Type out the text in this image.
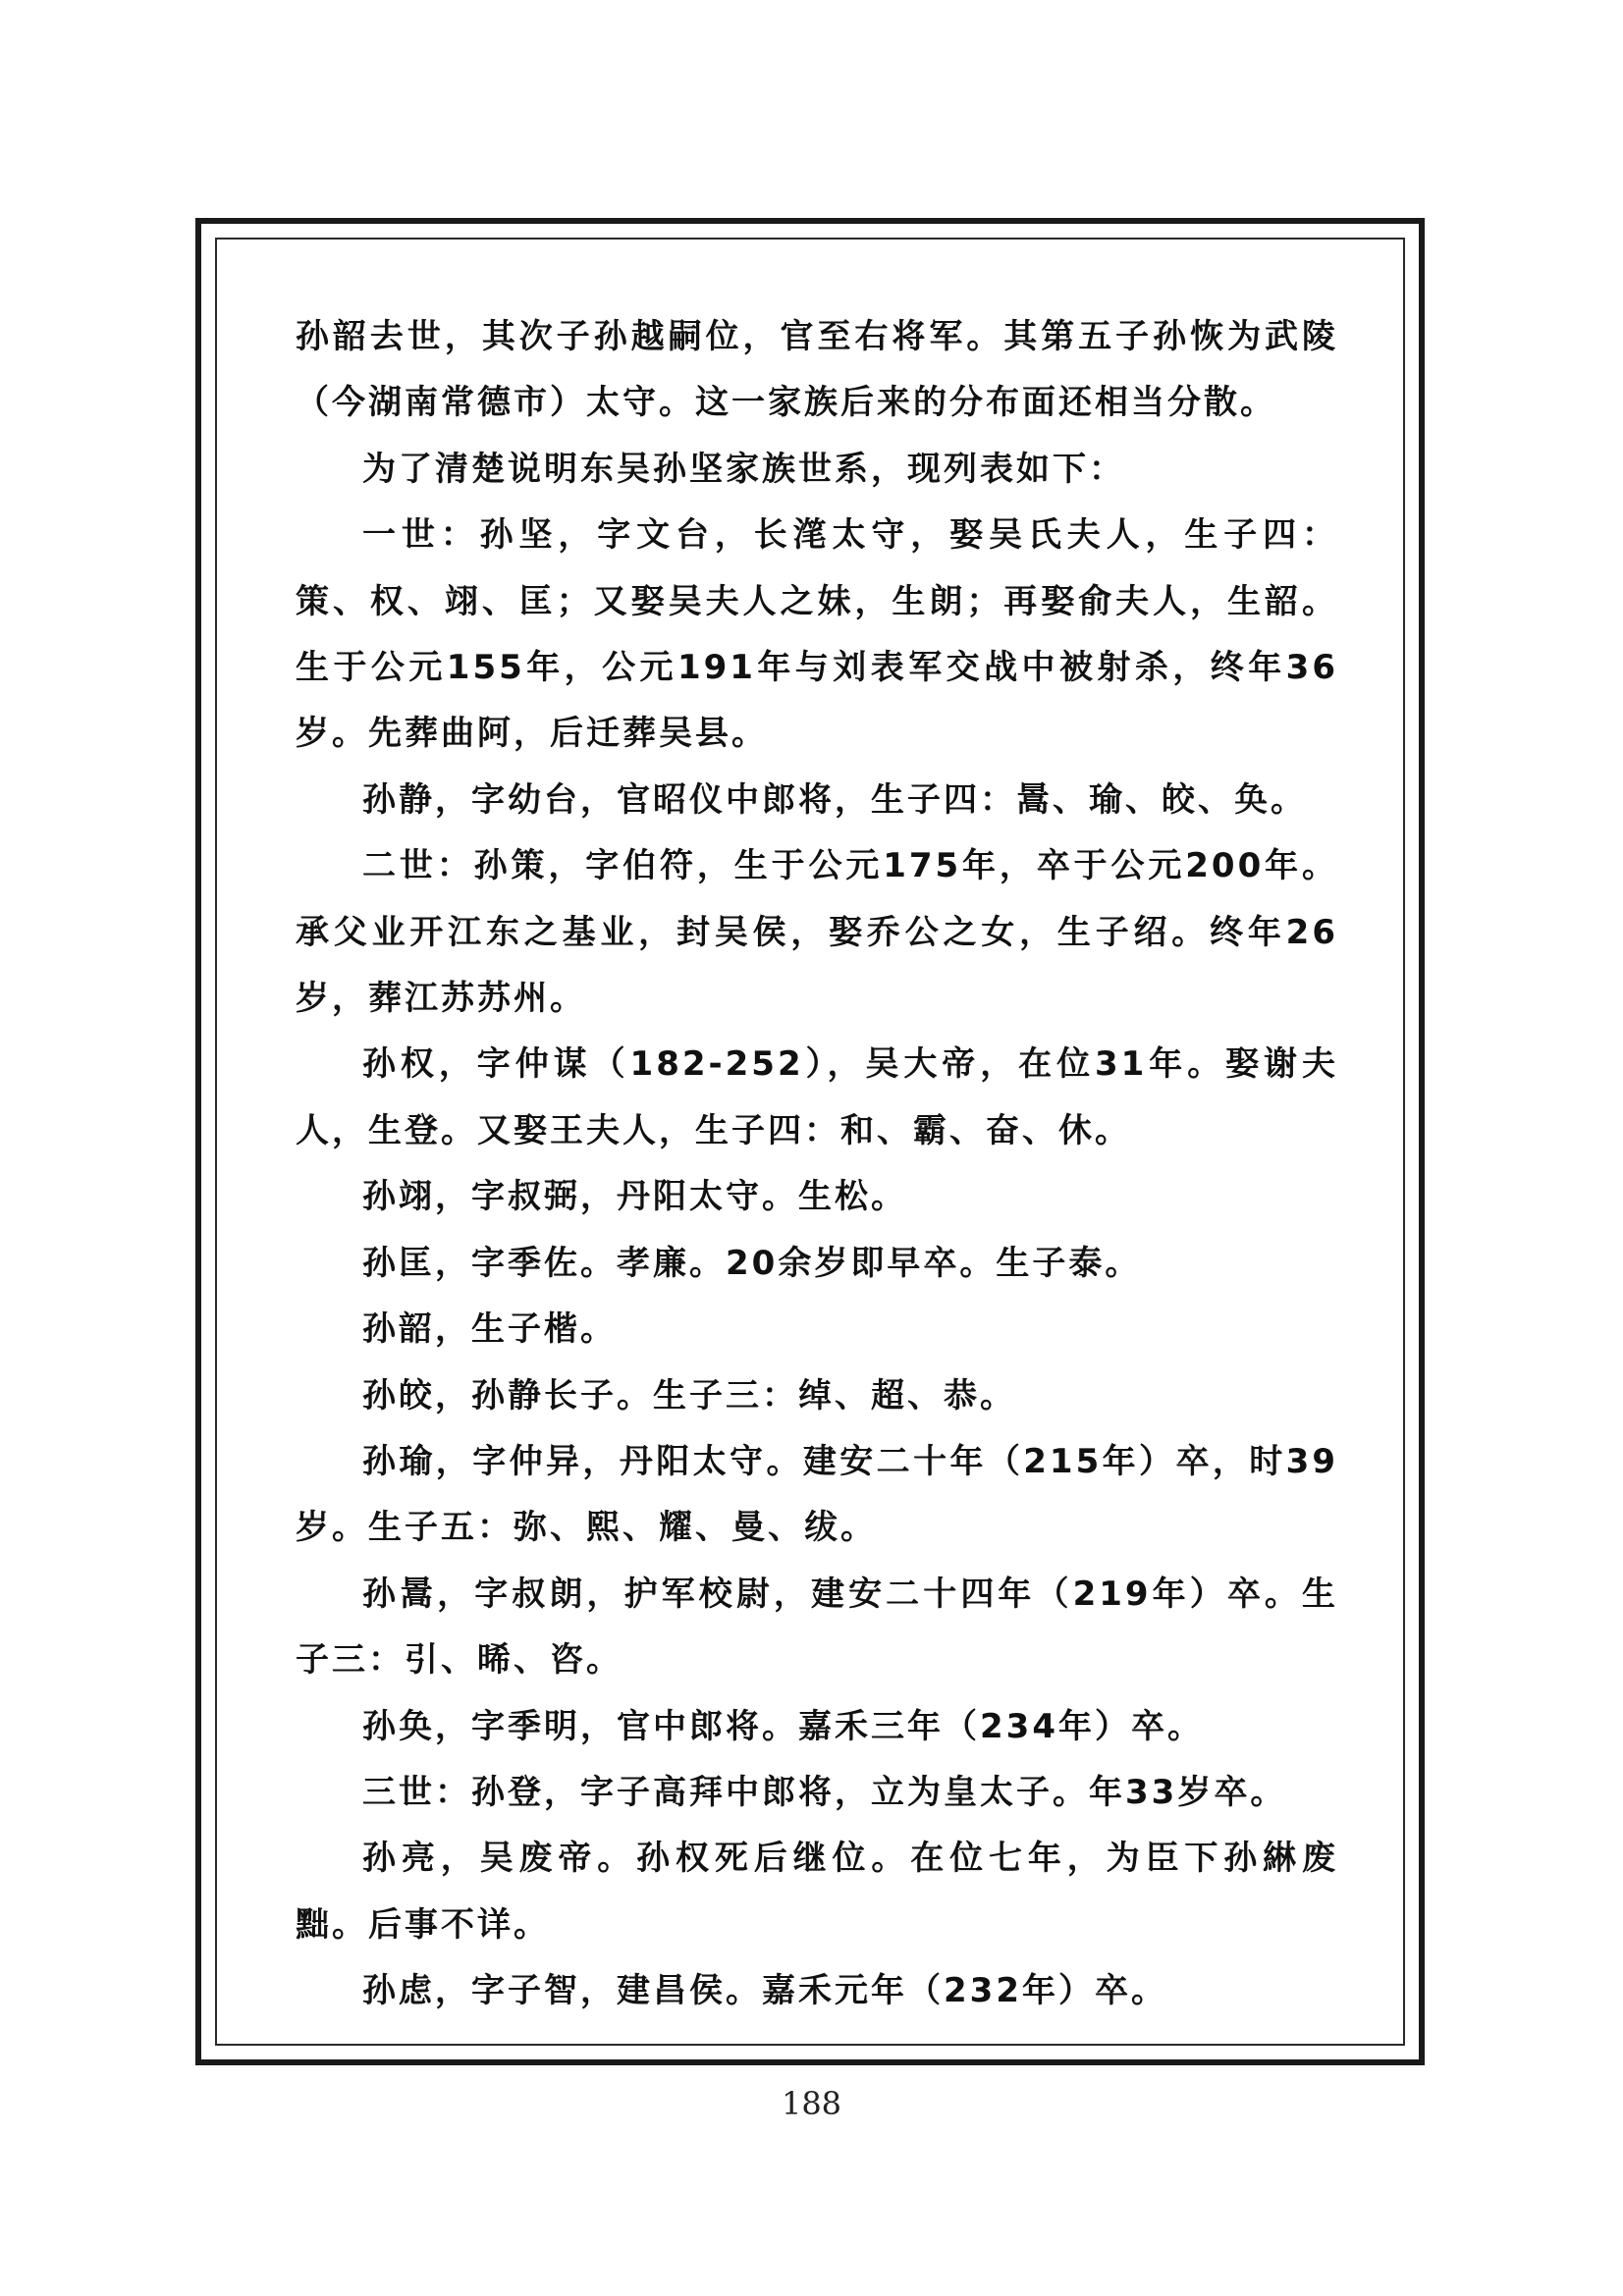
孙韶去世，其次子孙越嗣位，官至右将军。其第五子孙恢为武陵（今湖南常德市）太守。这一家族后来的分布面还相当分散。

为了清楚说明东吴孙坚家族世系，现列表如下：

一世：孙坚，字文台，长滗太守，娶吴氏夫人，生子四：策、权、翊、匡；又娶吴夫人之妹，生朗；再娶俞夫人，生韶。生于公元155年，公元191年与刘表军交战中被射杀，终年36岁。先葬曲阿，后迁葬吴县。

孙静，字幼台，官昭仪中郎将，生子四：暠、瑜、皎、奂。

二世：孙策，字伯符，生于公元175年，卒于公元200年。承父业开江东之基业，封吴侯，娶乔公之女，生子绍。终年26岁，葬江苏苏州。

孙权，字仲谋（182-252），吴大帝，在位31年。娶谢夫人，生登。又娶王夫人，生子四：和、霸、奋、休。

孙翊，字叔弼，丹阳太守。生松。

孙匡，字季佐。孝廉。20余岁即早卒。生子泰。

孙韶，生子楷。

孙皎，孙静长子。生子三：绰、超、恭。

孙瑜，字仲异，丹阳太守。建安二十年（215年）卒，时39岁。生子五：弥、熙、耀、曼、绂。

孙暠，字叔朗，护军校尉，建安二十四年（219年）卒。生子三：引、晞、咨。

孙奂，字季明，官中郎将。嘉禾三年（234年）卒。

三世：孙登，字子高拜中郎将，立为皇太子。年33岁卒。

孙亮，吴废帝。孙权死后继位。在位七年，为臣下孙綝废黜。后事不详。

孙虑，字子智，建昌侯。嘉禾元年（232年）卒。

188
